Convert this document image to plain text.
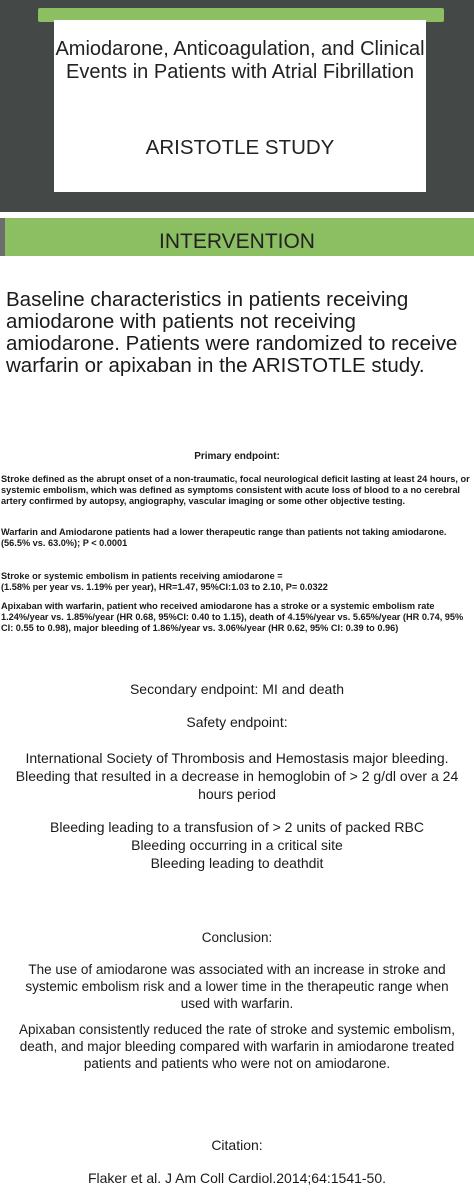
Amiodarone, Anticoagulation, and Clinical Events in Patients with Atrial Fibrillation
ARISTOTLE STUDY
INTERVENTION

Baseline characteristics in patients receiving amiodarone with patients not receiving amiodarone. Patients were randomized to receive warfarin or apixaban in the ARISTOTLE study.

Primary endpoint:

Stroke defined as the abrupt onset of a non-traumatic, focal neurological deficit lasting at least 24 hours, or systemic embolism, which was defined as symptoms consistent with acute loss of blood to a no cerebral artery confirmed by autopsy, angiography, vascular imaging or some other objective testing.

Warfarin and Amiodarone patients had a lower therapeutic range than patients not taking amiodarone.
(56.5% vs. 63.0%); P < 0.0001

Stroke or systemic embolism in patients receiving amiodarone =
(1.58% per year vs. 1.19% per year), HR=1.47, 95%CI:1.03 to 2.10, P= 0.0322

Apixaban with warfarin, patient who received amiodarone has a stroke or a systemic embolism rate
1.24%/year vs. 1.85%/year (HR 0.68, 95%CI: 0.40 to 1.15), death of 4.15%/year vs. 5.65%/year (HR 0.74, 95% CI: 0.55 to 0.98), major bleeding of 1.86%/year vs. 3.06%/year (HR 0.62, 95% CI: 0.39 to 0.96)

Secondary endpoint: MI and death

Safety endpoint:

International Society of Thrombosis and Hemostasis major bleeding.
Bleeding that resulted in a decrease in hemoglobin of > 2 g/dl over a 24 hours period

Bleeding leading to a transfusion of > 2 units of packed RBC
Bleeding occurring in a critical site
Bleeding leading to deathdit

Conclusion:

The use of amiodarone was associated with an increase in stroke and systemic embolism risk and a lower time in the therapeutic range when used with warfarin.

Apixaban consistently reduced the rate of stroke and systemic embolism, death, and major bleeding compared with warfarin in amiodarone treated patients and patients who were not on amiodarone.

Citation:

Flaker et al. J Am Coll Cardiol.2014;64:1541-50.
